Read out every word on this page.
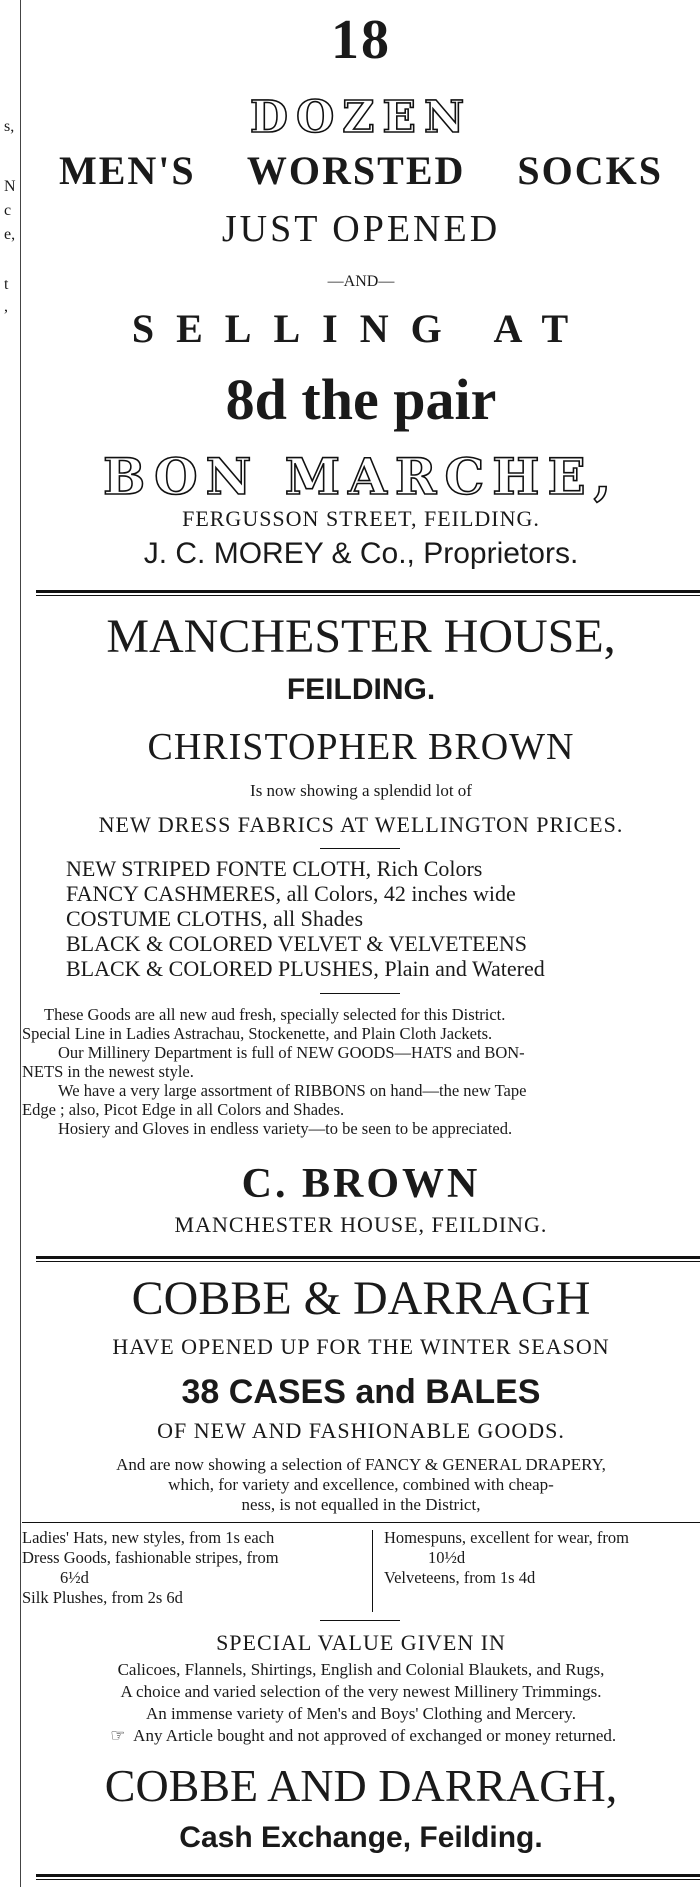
s,
N
c
e,
t
,
18
DOZEN
MEN'S WORSTED SOCKS
JUST OPENED
—AND—
SELLING AT
8d the pair
BON MARCHE,
FERGUSSON STREET, FEILDING.
J. C. MOREY & Co., Proprietors.
MANCHESTER HOUSE,
FEILDING.
CHRISTOPHER BROWN
Is now showing a splendid lot of
NEW DRESS FABRICS AT WELLINGTON PRICES.
NEW STRIPED FONTE CLOTH, Rich Colors
FANCY CASHMERES, all Colors, 42 inches wide
COSTUME CLOTHS, all Shades
BLACK & COLORED VELVET & VELVETEENS
BLACK & COLORED PLUSHES, Plain and Watered
These Goods are all new aud fresh, specially selected for this District.
Special Line in Ladies Astrachau, Stockenette, and Plain Cloth Jackets.
Our Millinery Department is full of NEW GOODS—HATS and BON-
NETS in the newest style.
We have a very large assortment of RIBBONS on hand—the new Tape
Edge ; also, Picot Edge in all Colors and Shades.
Hosiery and Gloves in endless variety—to be seen to be appreciated.
C. BROWN
MANCHESTER HOUSE, FEILDING.
COBBE & DARRAGH
HAVE OPENED UP FOR THE WINTER SEASON
38 CASES and BALES
OF NEW AND FASHIONABLE GOODS.
And are now showing a selection of FANCY & GENERAL DRAPERY,
which, for variety and excellence, combined with cheap-
ness, is not equalled in the District,
Ladies' Hats, new styles, from 1s each
Dress Goods, fashionable stripes, from
6½d
Silk Plushes, from 2s 6d
Homespuns, excellent for wear, from
10½d
Velveteens, from 1s 4d
SPECIAL VALUE GIVEN IN
Calicoes, Flannels, Shirtings, English and Colonial Blaukets, and Rugs,
A choice and varied selection of the very newest Millinery Trimmings.
An immense variety of Men's and Boys' Clothing and Mercery.
☞ Any Article bought and not approved of exchanged or money returned.
COBBE AND DARRAGH,
Cash Exchange, Feilding.
